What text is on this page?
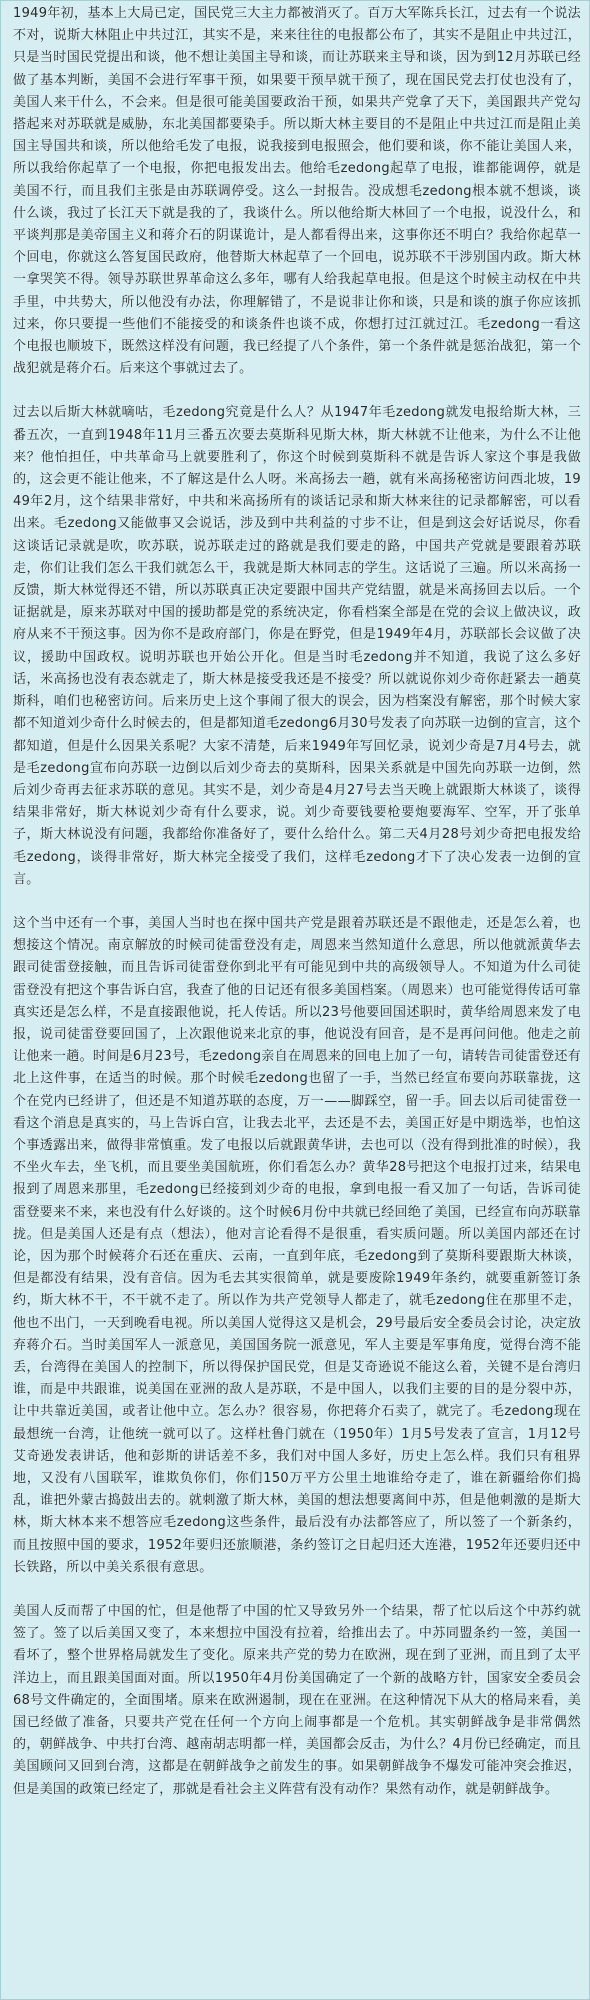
1949年初，基本上大局已定，国民党三大主力都被消灭了。百万大军陈兵长江，过去有一个说法不对，说斯大林阻止中共过江，其实不是，来来往往的电报都公布了，其实不是阻止中共过江，只是当时国民党提出和谈，他不想让美国主导和谈，而让苏联来主导和谈，因为到12月苏联已经做了基本判断，美国不会进行军事干预，如果要干预早就干预了，现在国民党去打仗也没有了，美国人来干什么，不会来。但是很可能美国要政治干预，如果共产党拿了天下，美国跟共产党勾搭起来对苏联就是威胁，东北美国都要染手。所以斯大林主要目的不是阻止中共过江而是阻止美国主导国共和谈，所以他给毛发了电报，说我接到电报照会，他们要和谈，你不能让美国人来，所以我给你起草了一个电报，你把电报发出去。他给毛zedong起草了电报，谁都能调停，就是美国不行，而且我们主张是由苏联调停受。这么一封报告。没成想毛zedong根本就不想谈，谈什么谈，我过了长江天下就是我的了，我谈什么。所以他给斯大林回了一个电报，说没什么，和平谈判那是美帝国主义和蒋介石的阴谋诡计，是人都看得出来，这事你还不明白？我给你起草一个回电，你就这么答复国民政府，他替斯大林起草了一个回电，说苏联不干涉别国内政。斯大林一拿哭笑不得。领导苏联世界革命这么多年，哪有人给我起草电报。但是这个时候主动权在中共手里，中共势大，所以他没有办法，你理解错了，不是说非让你和谈，只是和谈的旗子你应该抓过来，你只要提一些他们不能接受的和谈条件也谈不成，你想打过江就过江。毛zedong一看这个电报也顺坡下，既然这样没有问题，我已经提了八个条件，第一个条件就是惩治战犯，第一个战犯就是蒋介石。后来这个事就过去了。

过去以后斯大林就嘀咕，毛zedong究竟是什么人？从1947年毛zedong就发电报给斯大林，三番五次，一直到1948年11月三番五次要去莫斯科见斯大林，斯大林就不让他来，为什么不让他来？他怕担任，中共革命马上就要胜利了，你这个时候到莫斯科不就是告诉人家这个事是我做的，这会更不能让他来，不了解这是什么人呀。米高扬去一趟，就有米高扬秘密访问西北坡，1949年2月，这个结果非常好，中共和米高扬所有的谈话记录和斯大林来往的记录都解密，可以看出来。毛zedong又能做事又会说话，涉及到中共利益的寸步不让，但是到这会好话说尽，你看这谈话记录就是吹，吹苏联，说苏联走过的路就是我们要走的路，中国共产党就是要跟着苏联走，你们让我们怎么干我们就怎么干，我就是斯大林同志的学生。这话说了三遍。所以米高扬一反馈，斯大林觉得还不错，所以苏联真正决定要跟中国共产党结盟，就是米高扬回去以后。一个证据就是，原来苏联对中国的援助都是党的系统决定，你看档案全部是在党的会议上做决议，政府从来不干预这事。因为你不是政府部门，你是在野党，但是1949年4月，苏联部长会议做了决议，援助中国政权。说明苏联也开始公开化。但是当时毛zedong并不知道，我说了这么多好话，米高扬也没有表态就走了，斯大林是接受我还是不接受？所以就说你刘少奇你赶紧去一趟莫斯科，咱们也秘密访问。后来历史上这个事闹了很大的误会，因为档案没有解密，那个时候大家都不知道刘少奇什么时候去的，但是都知道毛zedong6月30号发表了向苏联一边倒的宣言，这个都知道，但是什么因果关系呢？大家不清楚，后来1949年写回忆录，说刘少奇是7月4号去，就是毛zedong宣布向苏联一边倒以后刘少奇去的莫斯科，因果关系就是中国先向苏联一边倒，然后刘少奇再去征求苏联的意见。其实不是，刘少奇是4月27号去当天晚上就跟斯大林谈了，谈得结果非常好，斯大林说刘少奇有什么要求，说。刘少奇要钱要枪要炮要海军、空军，开了张单子，斯大林说没有问题，我都给你准备好了，要什么给什么。第二天4月28号刘少奇把电报发给毛zedong，谈得非常好，斯大林完全接受了我们，这样毛zedong才下了决心发表一边倒的宣言。

这个当中还有一个事，美国人当时也在探中国共产党是跟着苏联还是不跟他走，还是怎么着，也想接这个情况。南京解放的时候司徒雷登没有走，周恩来当然知道什么意思，所以他就派黄华去跟司徒雷登接触，而且告诉司徒雷登你到北平有可能见到中共的高级领导人。不知道为什么司徒雷登没有把这个事告诉白宫，我查了他的日记还有很多美国档案。（周恩来）也可能觉得传话可靠真实还是怎么样，不是直接跟他说，托人传话。所以23号他要回国述职时，黄华给周恩来发了电报，说司徒雷登要回国了，上次跟他说来北京的事，他说没有回音，是不是再问问他。他走之前让他来一趟。时间是6月23号，毛zedong亲自在周恩来的回电上加了一句，请转告司徒雷登还有北上这件事，在适当的时候。那个时候毛zedong也留了一手，当然已经宣布要向苏联靠拢，这个在党内已经讲了，但还是不知道苏联的态度，万一——脚踩空，留一手。回去以后司徒雷登一看这个消息是真实的，马上告诉白宫，让我去北平，去还是不去，美国正好是中期选举，也怕这个事透露出来，做得非常慎重。发了电报以后就跟黄华讲，去也可以（没有得到批准的时候），我不坐火车去，坐飞机，而且要坐美国航班，你们看怎么办？黄华28号把这个电报打过来，结果电报到了周恩来那里，毛zedong已经接到刘少奇的电报，拿到电报一看又加了一句话，告诉司徒雷登要来不来，来也没有什么好谈的。这个时候6月份中共就已经回绝了美国，已经宣布向苏联靠拢。但是美国人还是有点（想法），他对言论看得不是很重，看实质问题。所以美国内部还在讨论，因为那个时候蒋介石还在重庆、云南，一直到年底，毛zedong到了莫斯科要跟斯大林谈，但是都没有结果，没有音信。因为毛去其实很简单，就是要废除1949年条约，就要重新签订条约，斯大林不干，不干就不走了。所以作为共产党领导人都走了，就毛zedong住在那里不走，他也不出门，一天到晚看电视。所以美国人觉得这又是机会，29号最后安全委员会讨论，决定放弃蒋介石。当时美国军人一派意见，美国国务院一派意见，军人主要是军事角度，觉得台湾不能丢，台湾得在美国人的控制下，所以得保护国民党，但是艾奇逊说不能这么着，关键不是台湾归谁，而是中共跟谁，说美国在亚洲的敌人是苏联，不是中国人，以我们主要的目的是分裂中苏，让中共靠近美国，或者让他中立。怎么办？很容易，你把蒋介石卖了，就完了。毛zedong现在最想统一台湾，让他统一就可以了。这样杜鲁门就在（1950年）1月5号发表了宣言，1月12号艾奇逊发表讲话，他和彭斯的讲话差不多，我们对中国人多好，历史上怎么样。我们只有租界地，又没有八国联军，谁欺负你们，你们150万平方公里土地谁给夺走了，谁在新疆给你们捣乱，谁把外蒙古捣鼓出去的。就刺激了斯大林，美国的想法想要离间中苏，但是他刺激的是斯大林，斯大林本来不想答应毛zedong这些条件，最后没有办法都答应了，所以签了一个新条约，而且按照中国的要求，1952年要归还旅顺港，条约签订之日起归还大连港，1952年还要归还中长铁路，所以中美关系很有意思。

美国人反而帮了中国的忙，但是他帮了中国的忙又导致另外一个结果，帮了忙以后这个中苏约就签了。签了以后美国又变了，本来想拉中国没有拉着，给推出去了。中苏同盟条约一签，美国一看坏了，整个世界格局就发生了变化。原来共产党的势力在欧洲，现在到了亚洲，而且到了太平洋边上，而且跟美国面对面。所以1950年4月份美国确定了一个新的战略方针，国家安全委员会68号文件确定的，全面围堵。原来在欧洲遏制，现在在亚洲。在这种情况下从大的格局来看，美国已经做了准备，只要共产党在任何一个方向上闹事都是一个危机。其实朝鲜战争是非常偶然的，朝鲜战争、中共打台湾、越南胡志明都一样，美国都会反击，为什么？4月份已经确定，而且美国顾问又回到台湾，这都是在朝鲜战争之前发生的事。如果朝鲜战争不爆发可能冲突会推迟，但是美国的政策已经定了，那就是看社会主义阵营有没有动作？果然有动作，就是朝鲜战争。
